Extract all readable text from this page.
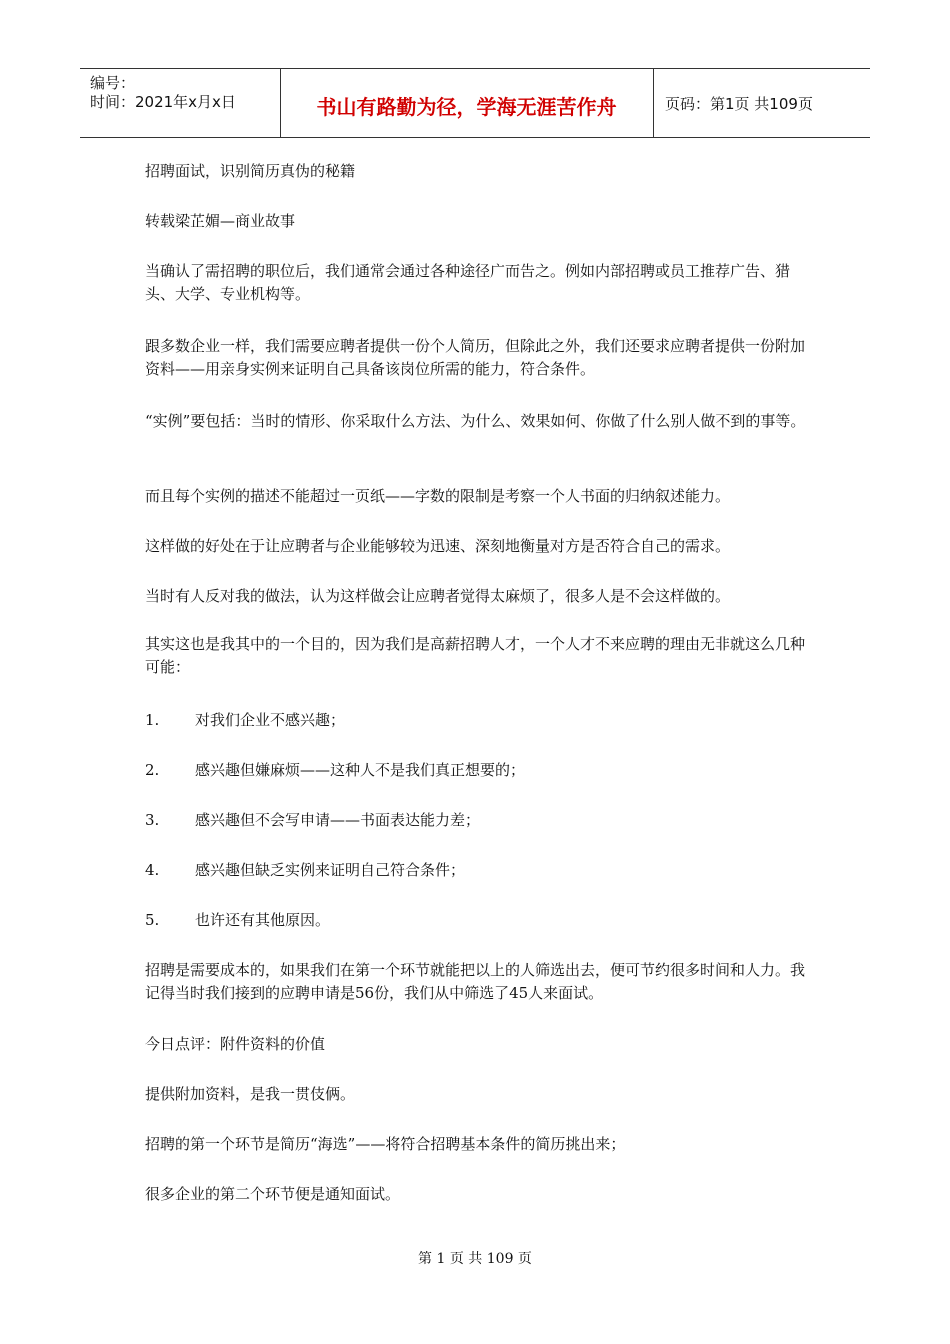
编号：
时间：2021年x月x日	书山有路勤为径，学海无涯苦作舟	页码：第1页 共109页

招聘面试，识别简历真伪的秘籍

转载梁芷媚—商业故事

当确认了需招聘的职位后，我们通常会通过各种途径广而告之。例如内部招聘或员工推荐广告、猎头、大学、专业机构等。

跟多数企业一样，我们需要应聘者提供一份个人简历，但除此之外，我们还要求应聘者提供一份附加资料——用亲身实例来证明自己具备该岗位所需的能力，符合条件。

“实例”要包括：当时的情形、你采取什么方法、为什么、效果如何、你做了什么别人做不到的事等。

而且每个实例的描述不能超过一页纸——字数的限制是考察一个人书面的归纳叙述能力。

这样做的好处在于让应聘者与企业能够较为迅速、深刻地衡量对方是否符合自己的需求。

当时有人反对我的做法，认为这样做会让应聘者觉得太麻烦了，很多人是不会这样做的。

其实这也是我其中的一个目的，因为我们是高薪招聘人才，一个人才不来应聘的理由无非就这么几种可能：

1. 对我们企业不感兴趣；
2. 感兴趣但嫌麻烦——这种人不是我们真正想要的；
3. 感兴趣但不会写申请——书面表达能力差；
4. 感兴趣但缺乏实例来证明自己符合条件；
5. 也许还有其他原因。

招聘是需要成本的，如果我们在第一个环节就能把以上的人筛选出去，便可节约很多时间和人力。我记得当时我们接到的应聘申请是56份，我们从中筛选了45人来面试。

今日点评：附件资料的价值

提供附加资料，是我一贯伎俩。

招聘的第一个环节是简历“海选”——将符合招聘基本条件的简历挑出来；

很多企业的第二个环节便是通知面试。

第 1 页 共 109 页
